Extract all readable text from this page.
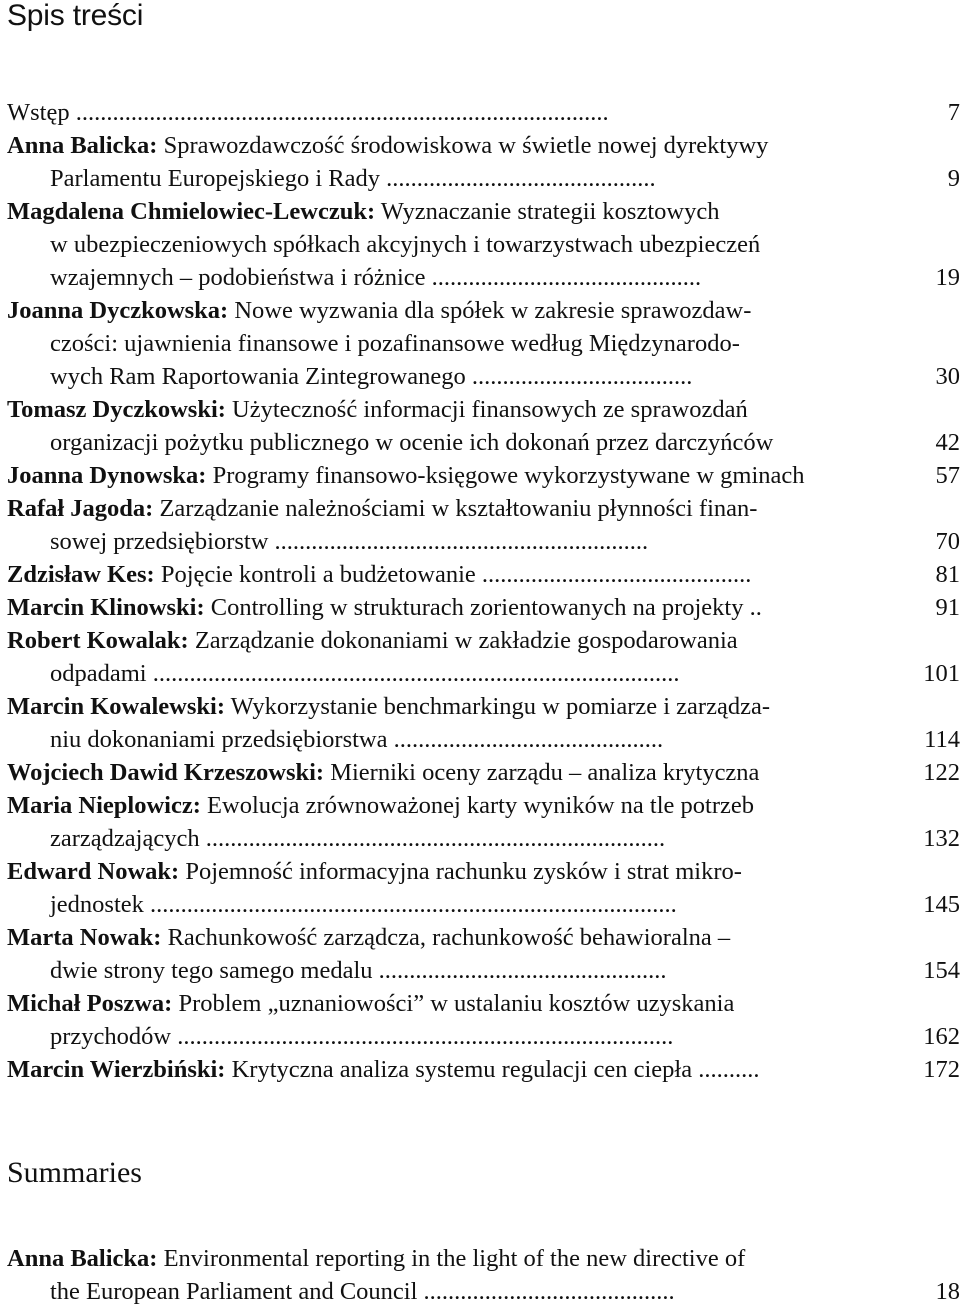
Spis treści
Wstęp .......................................................................................	7
Anna Balicka: Sprawozdawczość środowiskowa w świetle nowej dyrektywy
Parlamentu Europejskiego i Rady ............................................	9
Magdalena Chmielowiec-Lewczuk: Wyznaczanie strategii kosztowych
w ubezpieczeniowych spółkach akcyjnych i towarzystwach ubezpieczeń
wzajemnych – podobieństwa i różnice ............................................	19
Joanna Dyczkowska: Nowe wyzwania dla spółek w zakresie sprawozdaw-
czości: ujawnienia finansowe i pozafinansowe według Międzynarodo-
wych Ram Raportowania Zintegrowanego ....................................	30
Tomasz Dyczkowski: Użyteczność informacji finansowych ze sprawozdań
organizacji pożytku publicznego w ocenie ich dokonań przez darczyńców	42
Joanna Dynowska: Programy finansowo-księgowe wykorzystywane w gminach	57
Rafał Jagoda: Zarządzanie należnościami w kształtowaniu płynności finan-
sowej przedsiębiorstw .............................................................	70
Zdzisław Kes: Pojęcie kontroli a budżetowanie ............................................	81
Marcin Klinowski: Controlling w strukturach zorientowanych na projekty ..	91
Robert Kowalak: Zarządzanie dokonaniami w zakładzie gospodarowania
odpadami ......................................................................................	101
Marcin Kowalewski: Wykorzystanie benchmarkingu w pomiarze i zarządza-
niu dokonaniami przedsiębiorstwa ............................................	114
Wojciech Dawid Krzeszowski: Mierniki oceny zarządu – analiza krytyczna	122
Maria Nieplowicz: Ewolucja zrównoważonej karty wyników na tle potrzeb
zarządzających ...........................................................................	132
Edward Nowak: Pojemność informacyjna rachunku zysków i strat mikro-
jednostek ......................................................................................	145
Marta Nowak: Rachunkowość zarządcza, rachunkowość behawioralna –
dwie strony tego samego medalu ...............................................	154
Michał Poszwa: Problem „uznaniowości” w ustalaniu kosztów uzyskania
przychodów .................................................................................	162
Marcin Wierzbiński: Krytyczna analiza systemu regulacji cen ciepła ..........	172
Summaries
Anna Balicka: Environmental reporting in the light of the new directive of
the European Parliament and Council .........................................	18
